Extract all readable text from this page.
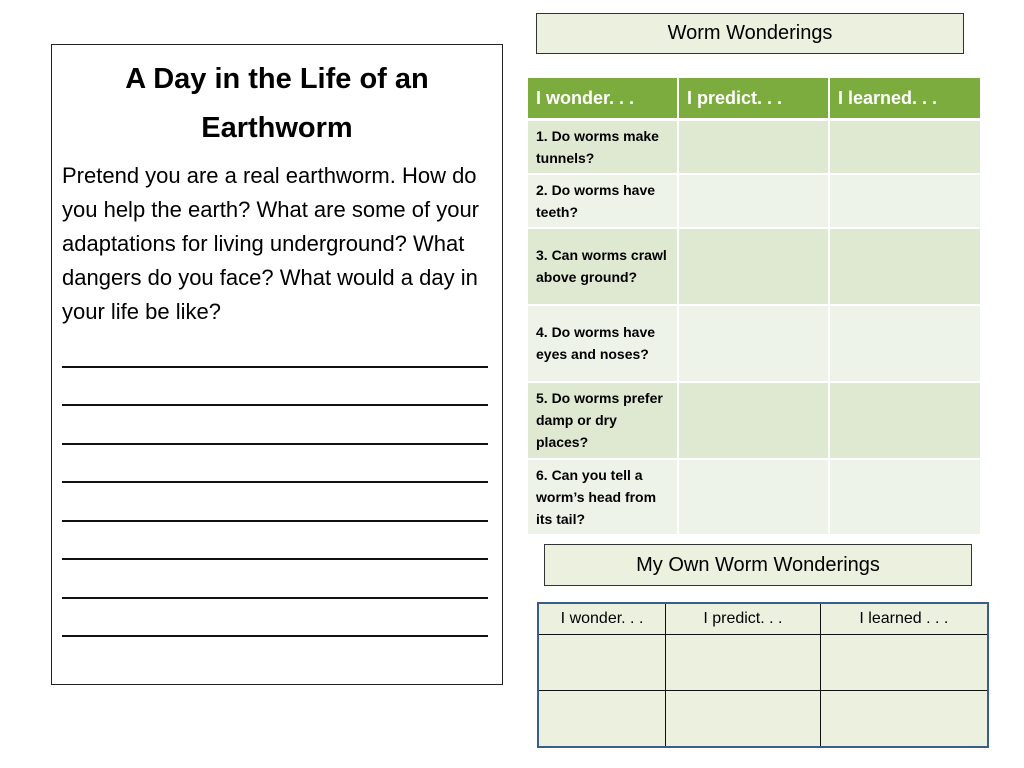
A Day in the Life of an Earthworm

Pretend you are a real earthworm. How do you help the earth? What are some of your adaptations for living underground? What dangers do you face? What would a day in your life be like?

Worm Wonderings
I wonder. . .	I predict. . .	I learned. . .
1. Do worms make tunnels?		
2. Do worms have teeth?		
3. Can worms crawl above ground?		
4. Do worms have eyes and noses?		
5. Do worms prefer damp or dry places?		
6. Can you tell a worm’s head from its tail?		
My Own Worm Wonderings
I wonder. . .	I predict. . .	I learned . . .
